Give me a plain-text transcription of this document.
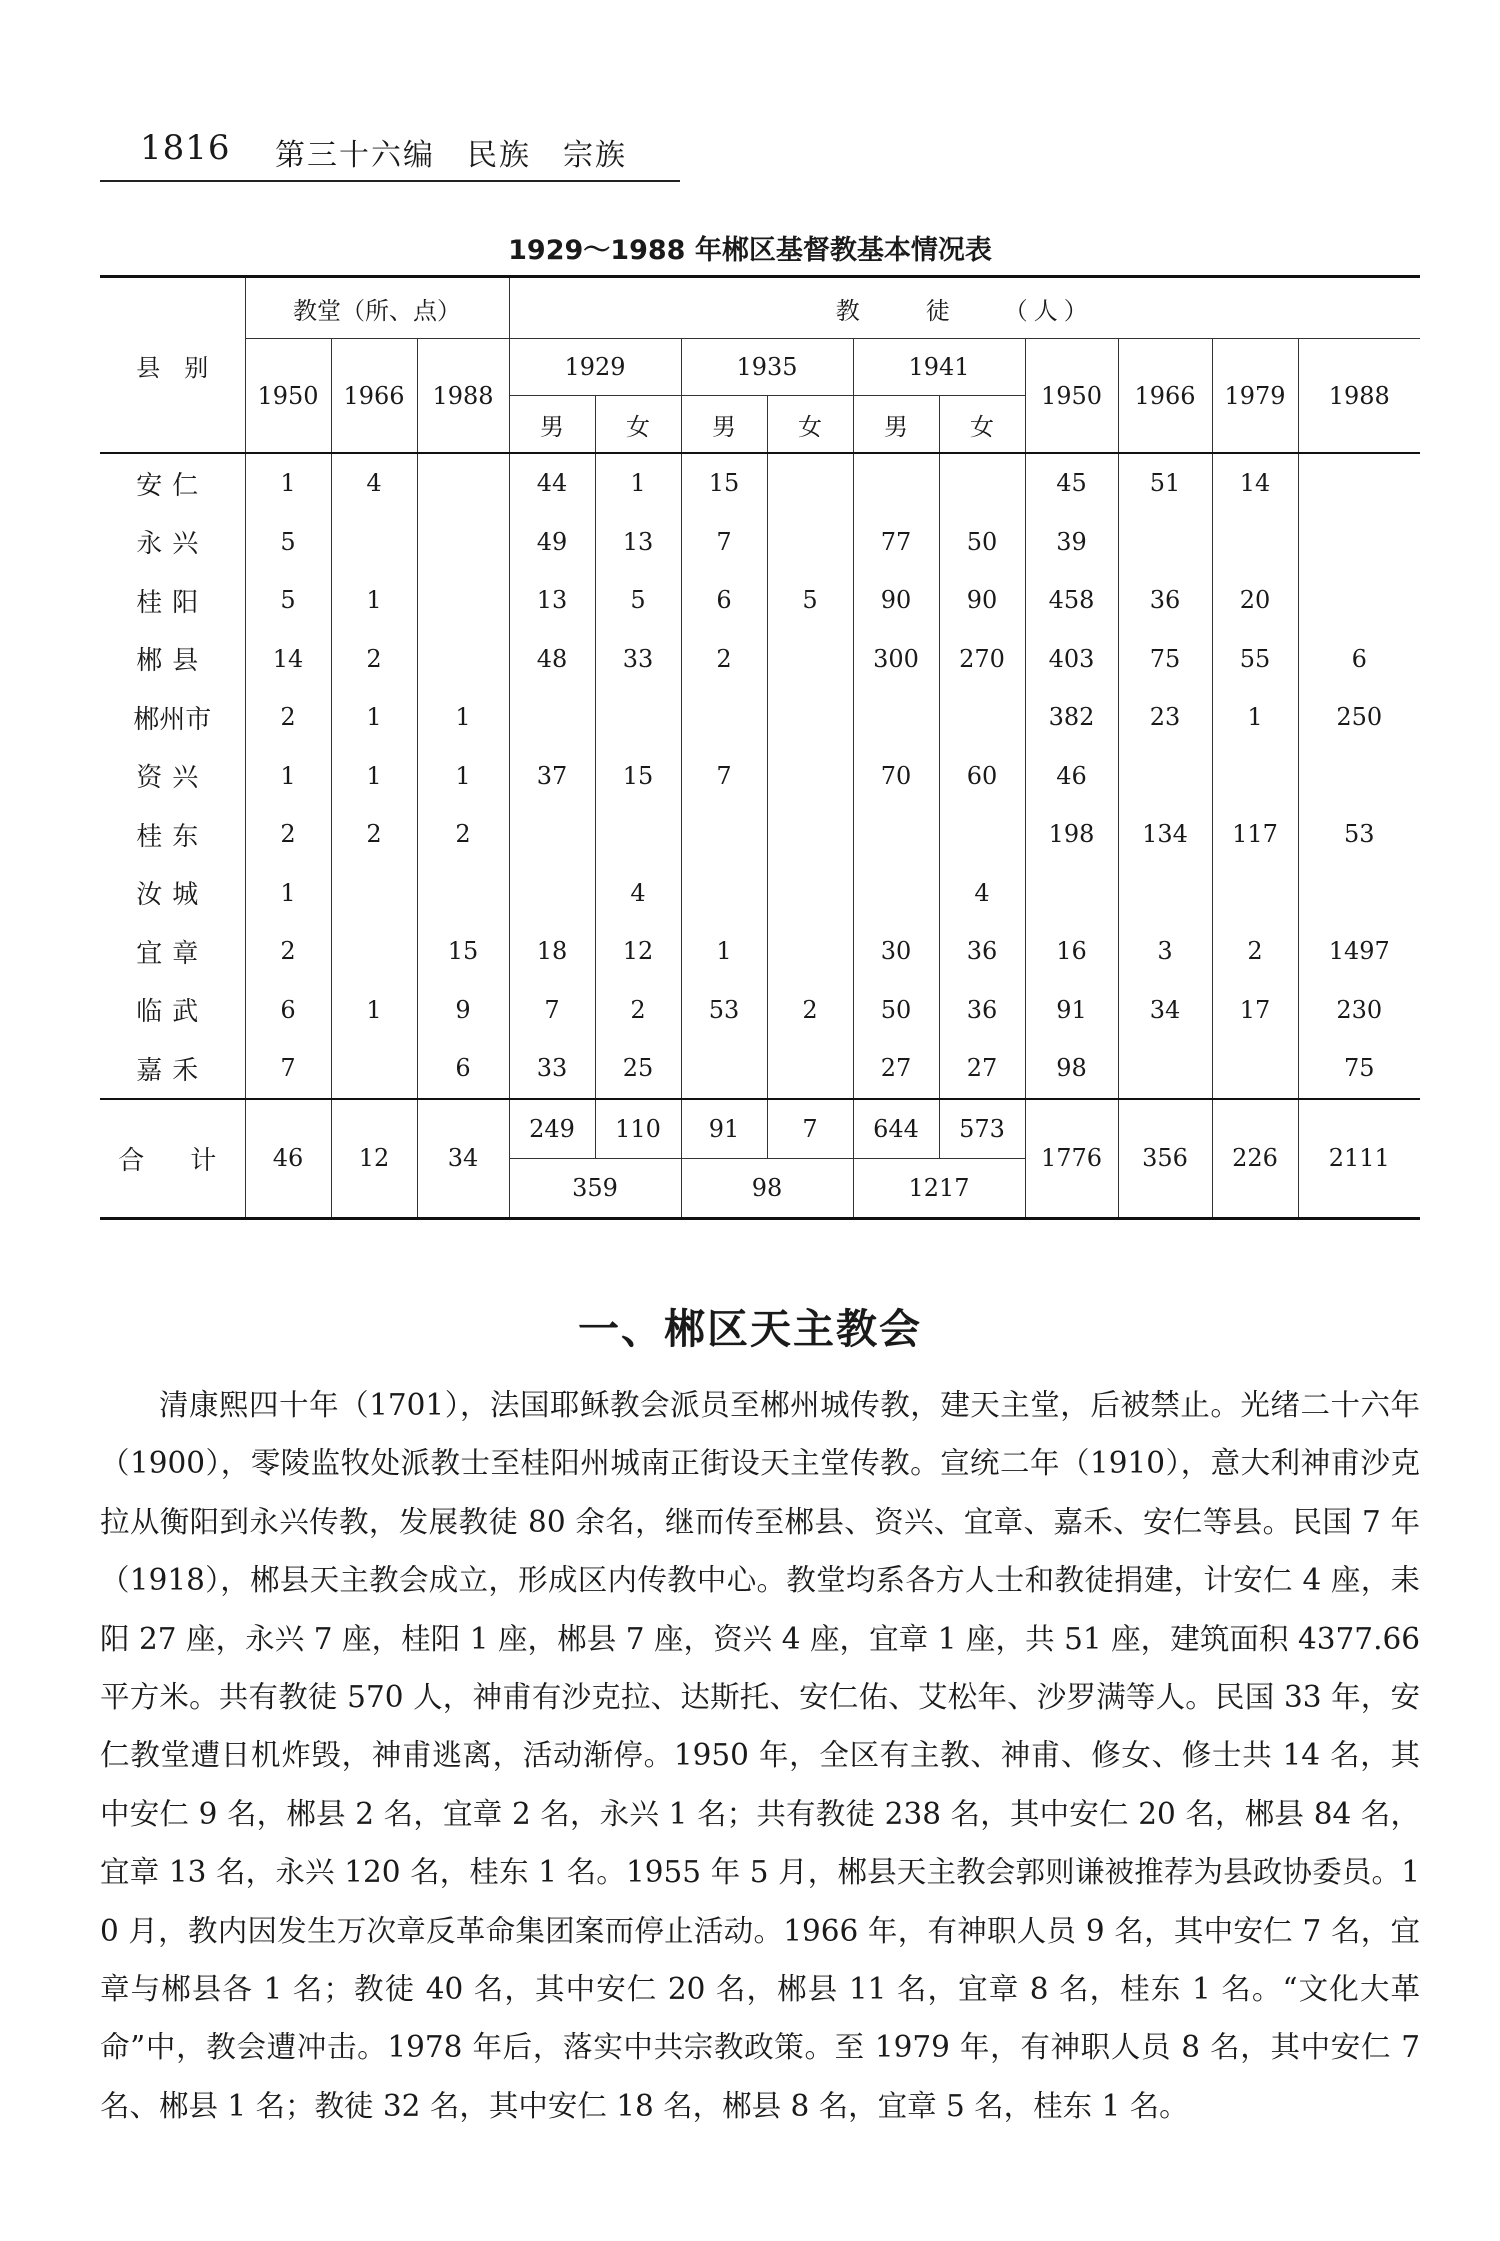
1816 第三十六编　民族　宗族
1929～1988 年郴区基督教基本情况表
县　别	教堂（所、点）			教　　徒　　（人）									
	1950	1966	1988	1929		1935		1941		1950	1966	1979	1988
				男	女	男	女	男	女				
安仁	1	4		44	1	15				45	51	14	
永兴	5			49	13	7		77	50	39			
桂阳	5	1		13	5	6	5	90	90	458	36	20	
郴县	14	2		48	33	2		300	270	403	75	55	6
郴州市	2	1	1							382	23	1	250
资兴	1	1	1	37	15	7		70	60	46			
桂东	2	2	2							198	134	117	53
汝城	1				4				4				
宜章	2		15	18	12	1		30	36	16	3	2	1497
临武	6	1	9	7	2	53	2	50	36	91	34	17	230
嘉禾	7		6	33	25			27	27	98			75
合　计	46	12	34	249	110	91	7	644	573	1776	356	226	2111
				359		98		1217					
一、郴区天主教会
清康熙四十年（1701），法国耶稣教会派员至郴州城传教，建天主堂，后被禁止。光绪二十六年（1900），零陵监牧处派教士至桂阳州城南正街设天主堂传教。宣统二年（1910），意大利神甫沙克拉从衡阳到永兴传教，发展教徒 80 余名，继而传至郴县、资兴、宜章、嘉禾、安仁等县。民国 7 年（1918），郴县天主教会成立，形成区内传教中心。教堂均系各方人士和教徒捐建，计安仁 4 座，耒阳 27 座，永兴 7 座，桂阳 1 座，郴县 7 座，资兴 4 座，宜章 1 座，共 51 座，建筑面积 4377.66 平方米。共有教徒 570 人，神甫有沙克拉、达斯托、安仁佑、艾松年、沙罗满等人。民国 33 年，安仁教堂遭日机炸毁，神甫逃离，活动渐停。1950 年，全区有主教、神甫、修女、修士共 14 名，其中安仁 9 名，郴县 2 名，宜章 2 名，永兴 1 名；共有教徒 238 名，其中安仁 20 名，郴县 84 名，宜章 13 名，永兴 120 名，桂东 1 名。1955 年 5 月，郴县天主教会郭则谦被推荐为县政协委员。10 月，教内因发生万次章反革命集团案而停止活动。1966 年，有神职人员 9 名，其中安仁 7 名，宜章与郴县各 1 名；教徒 40 名，其中安仁 20 名，郴县 11 名，宜章 8 名，桂东 1 名。“文化大革命”中，教会遭冲击。1978 年后，落实中共宗教政策。至 1979 年，有神职人员 8 名，其中安仁 7 名、郴县 1 名；教徒 32 名，其中安仁 18 名，郴县 8 名，宜章 5 名，桂东 1 名。
